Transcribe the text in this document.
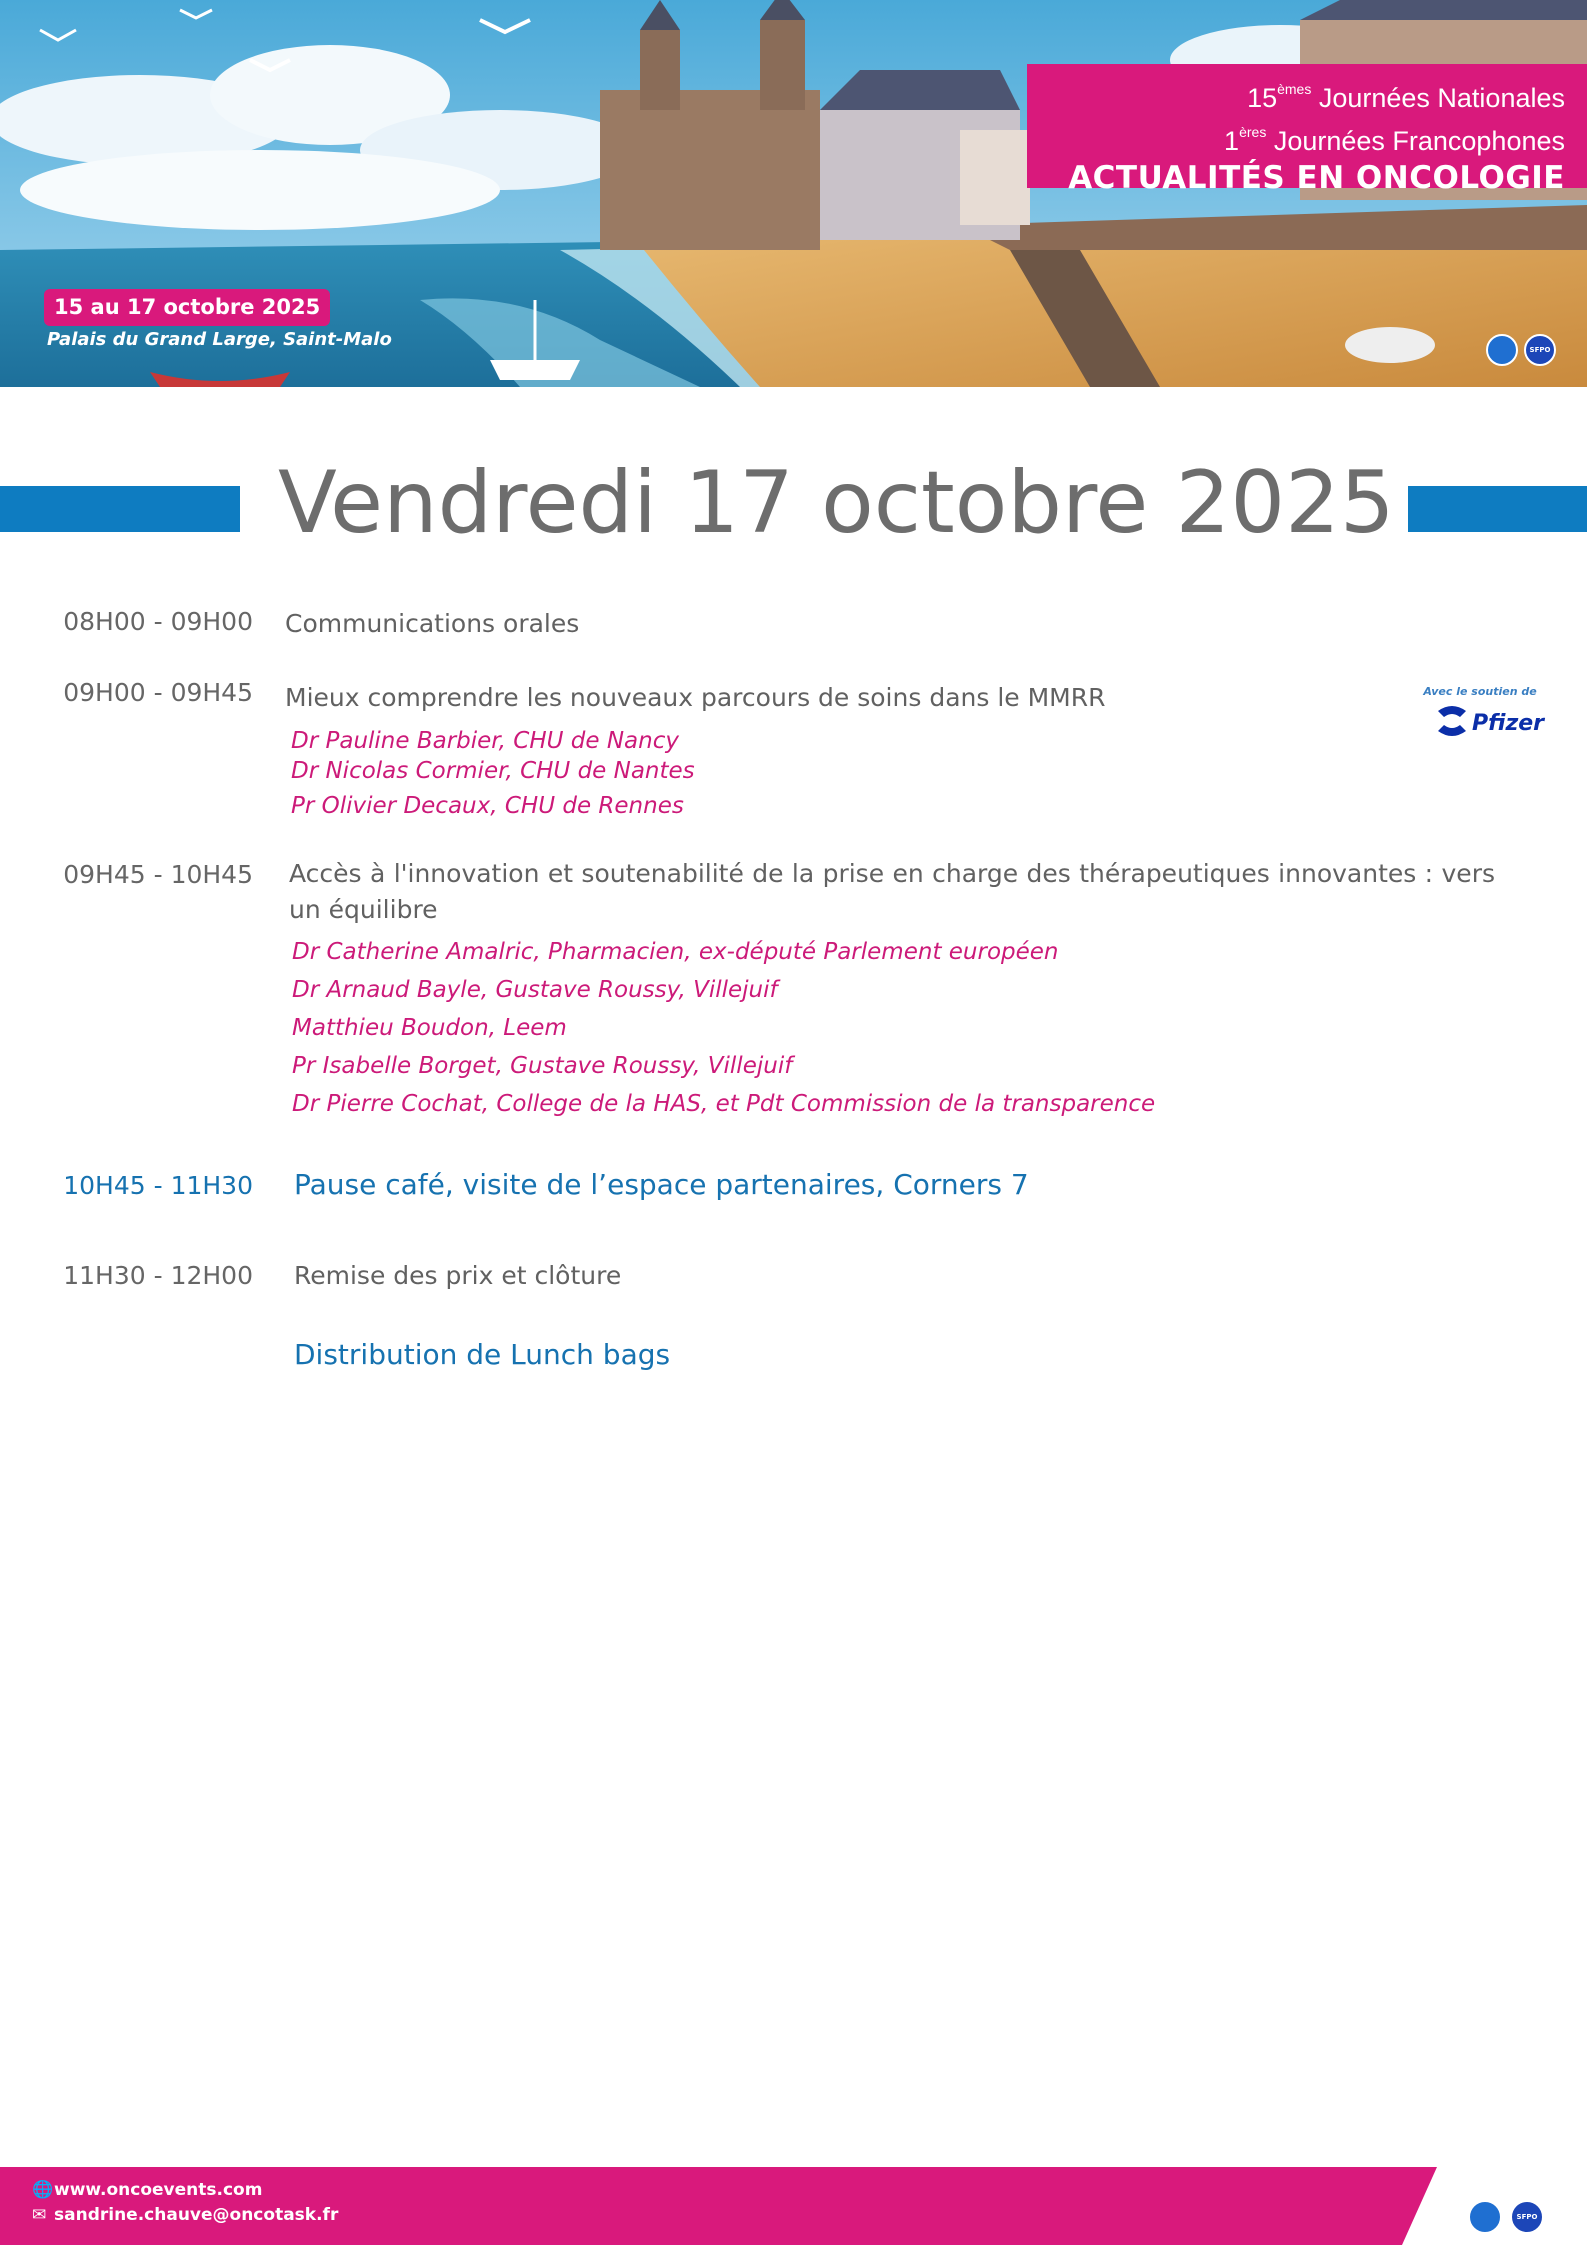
15èmes Journées Nationales
1ères Journées Francophones
ACTUALITÉS EN ONCOLOGIE
15 au 17 octobre 2025
Palais du Grand Large, Saint-Malo	SFPO
Vendredi 17 octobre 2025
08H00 - 09H00 Communications orales
09H00 - 09H45 Mieux comprendre les nouveaux parcours de soins dans le MMRR
Dr Pauline Barbier, CHU de Nancy
Dr Nicolas Cormier, CHU de Nantes
Pr Olivier Decaux, CHU de Rennes
Avec le soutien de
Pfizer
09H45 - 10H45 Accès à l'innovation et soutenabilité de la prise en charge des thérapeutiques innovantes : vers un équilibre
Dr Catherine Amalric, Pharmacien, ex-député Parlement européen
Dr Arnaud Bayle, Gustave Roussy, Villejuif
Matthieu Boudon, Leem
Pr Isabelle Borget, Gustave Roussy, Villejuif
Dr Pierre Cochat, College de la HAS, et Pdt Commission de la transparence
10H45 - 11H30 Pause café, visite de l’espace partenaires, Corners 7
11H30 - 12H00 Remise des prix et clôture
Distribution de Lunch bags
🌐www.oncoevents.com
✉ sandrine.chauve@oncotask.fr	SFPO
